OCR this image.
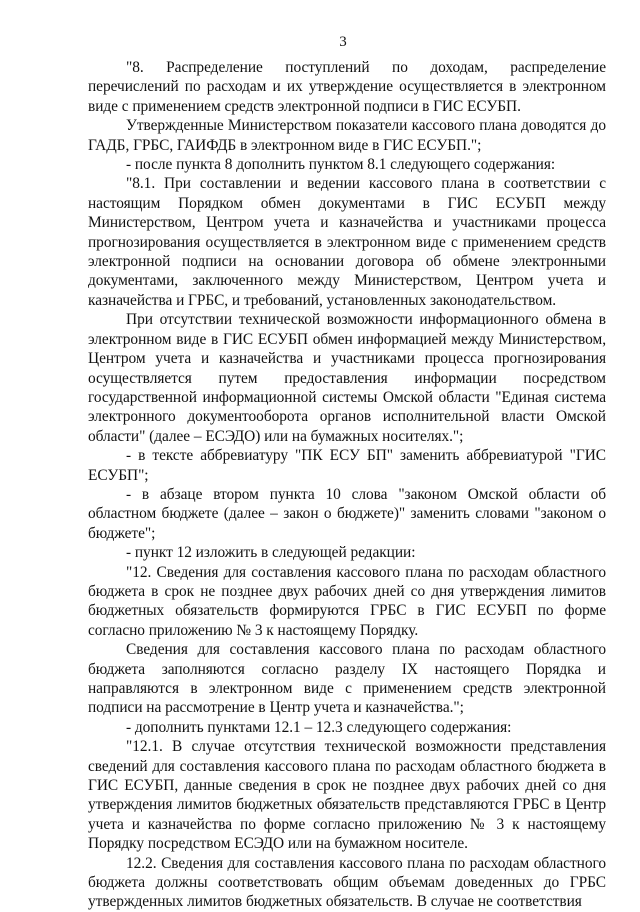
3

"8. Распределение поступлений по доходам, распределение перечислений по расходам и их утверждение осуществляется в электронном виде с применением средств электронной подписи в ГИС ЕСУБП.

Утвержденные Министерством показатели кассового плана доводятся до ГАДБ, ГРБС, ГАИФДБ в электронном виде в ГИС ЕСУБП.";

- после пункта 8 дополнить пунктом 8.1 следующего содержания:

"8.1. При составлении и ведении кассового плана в соответствии с настоящим Порядком обмен документами в ГИС ЕСУБП между Министерством, Центром учета и казначейства и участниками процесса прогнозирования осуществляется в электронном виде с применением средств электронной подписи на основании договора об обмене электронными документами, заключенного между Министерством, Центром учета и казначейства и ГРБС, и требований, установленных законодательством.

При отсутствии технической возможности информационного обмена в электронном виде в ГИС ЕСУБП обмен информацией между Министерством, Центром учета и казначейства и участниками процесса прогнозирования осуществляется путем предоставления информации посредством государственной информационной системы Омской области "Единая система электронного документооборота органов исполнительной власти Омской области" (далее – ЕСЭДО) или на бумажных носителях.";

- в тексте аббревиатуру "ПК ЕСУ БП" заменить аббревиатурой "ГИС ЕСУБП";

- в абзаце втором пункта 10 слова "законом Омской области об областном бюджете (далее – закон о бюджете)" заменить словами "законом о бюджете";

- пункт 12 изложить в следующей редакции:

"12. Сведения для составления кассового плана по расходам областного бюджета в срок не позднее двух рабочих дней со дня утверждения лимитов бюджетных обязательств формируются ГРБС в ГИС ЕСУБП по форме согласно приложению № 3 к настоящему Порядку.

Сведения для составления кассового плана по расходам областного бюджета заполняются согласно разделу IX настоящего Порядка и направляются в электронном виде с применением средств электронной подписи на рассмотрение в Центр учета и казначейства.";

- дополнить пунктами 12.1 – 12.3 следующего содержания:

"12.1. В случае отсутствия технической возможности представления сведений для составления кассового плана по расходам областного бюджета в ГИС ЕСУБП, данные сведения в срок не позднее двух рабочих дней со дня утверждения лимитов бюджетных обязательств представляются ГРБС в Центр учета и казначейства по форме согласно приложению № 3 к настоящему Порядку посредством ЕСЭДО или на бумажном носителе.

12.2. Сведения для составления кассового плана по расходам областного бюджета должны соответствовать общим объемам доведенных до ГРБС утвержденных лимитов бюджетных обязательств. В случае не соответствия
